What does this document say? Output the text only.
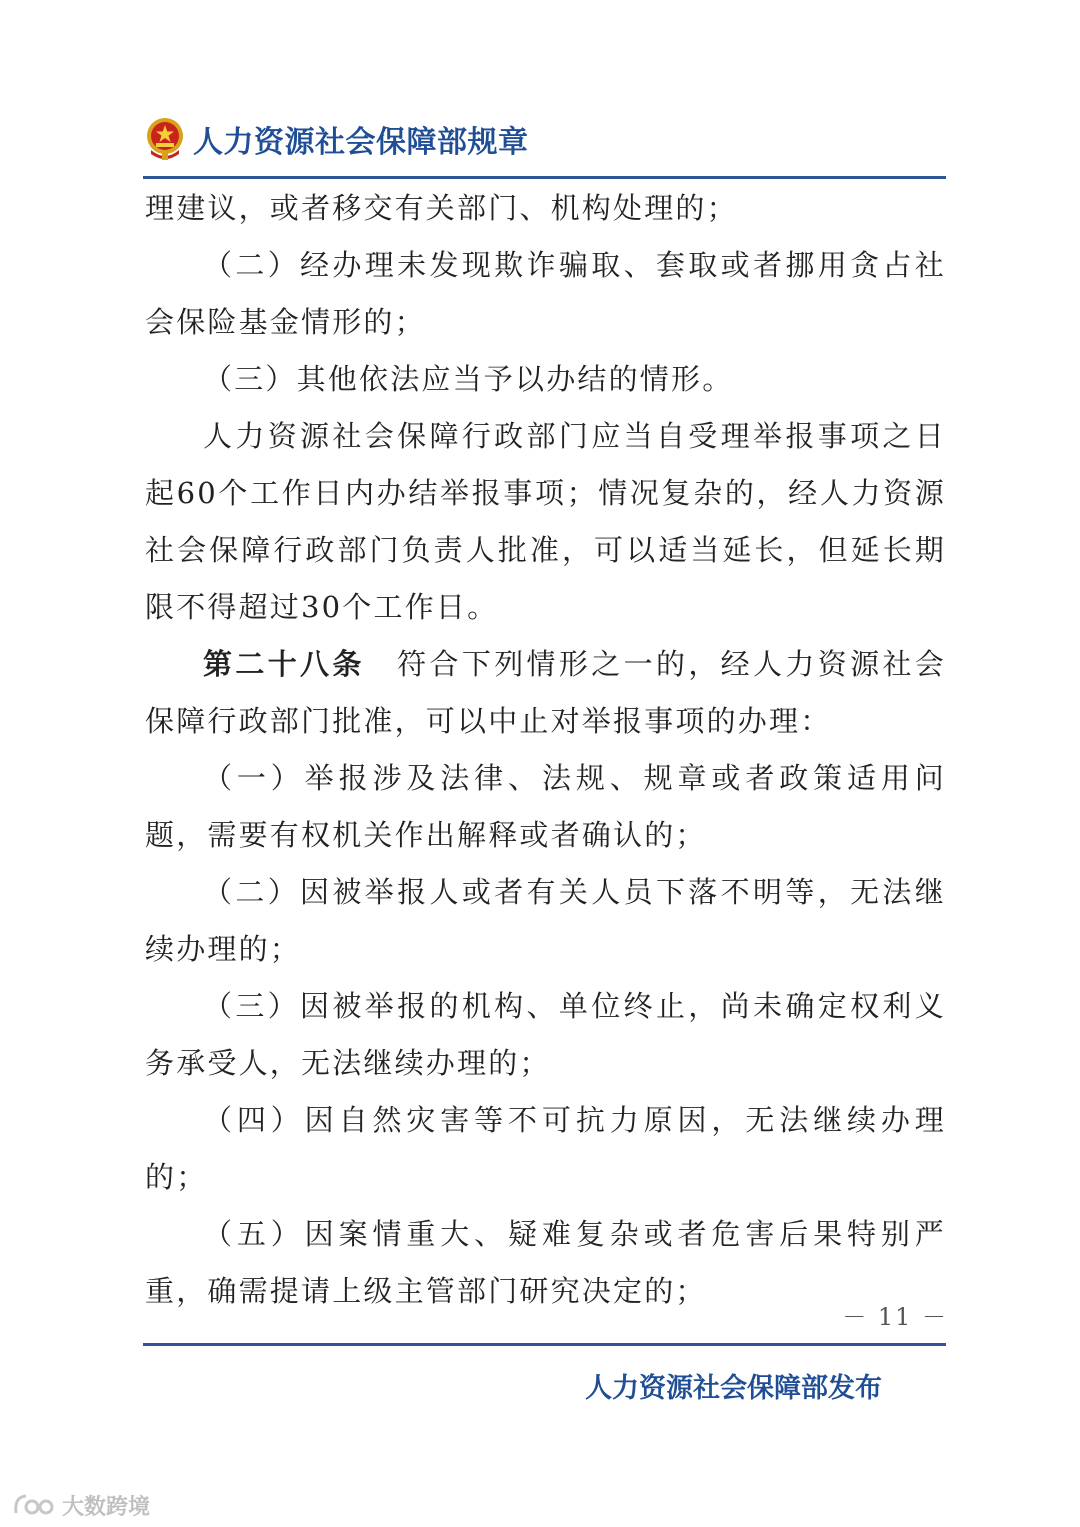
人力资源社会保障部规章

理建议，或者移交有关部门、机构处理的；

（二）经办理未发现欺诈骗取、套取或者挪用贪占社会保险基金情形的；

（三）其他依法应当予以办结的情形。

人力资源社会保障行政部门应当自受理举报事项之日起60个工作日内办结举报事项；情况复杂的，经人力资源社会保障行政部门负责人批准，可以适当延长，但延长期限不得超过30个工作日。

第二十八条　 符合下列情形之一的，经人力资源社会保障行政部门批准，可以中止对举报事项的办理：

（一）举报涉及法律、法规、规章或者政策适用问题，需要有权机关作出解释或者确认的；

（二）因被举报人或者有关人员下落不明等，无法继续办理的；

（三）因被举报的机构、单位终止，尚未确定权利义务承受人，无法继续办理的；

（四）因自然灾害等不可抗力原因，无法继续办理的；

（五）因案情重大、疑难复杂或者危害后果特别严重，确需提请上级主管部门研究决定的；

－ 11 －
人力资源社会保障部发布
大数跨境
